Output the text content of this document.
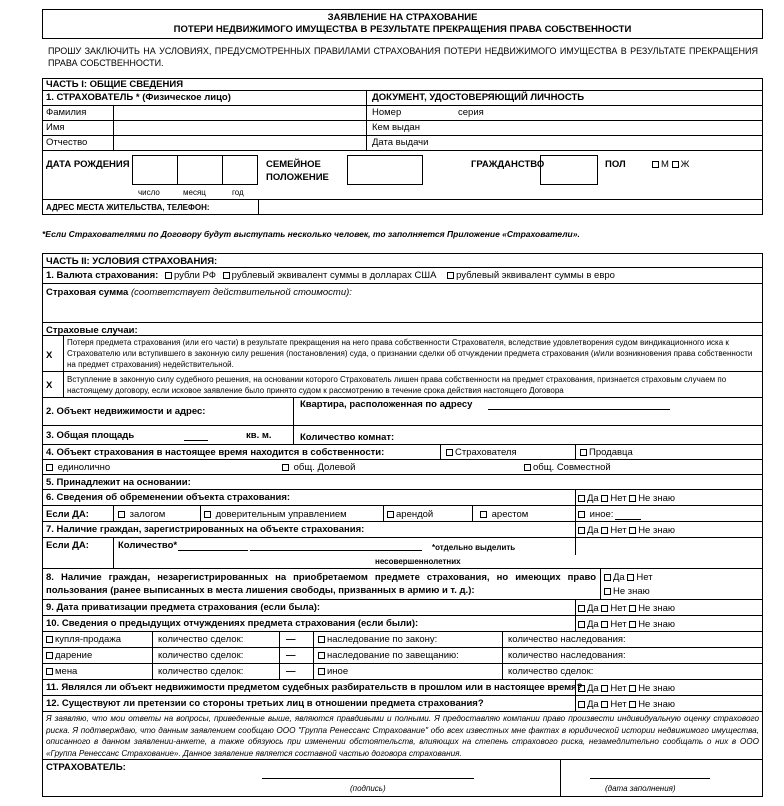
ЗАЯВЛЕНИЕ НА СТРАХОВАНИЕ
ПОТЕРИ НЕДВИЖИМОГО ИМУЩЕСТВА В РЕЗУЛЬТАТЕ ПРЕКРАЩЕНИЯ ПРАВА СОБСТВЕННОСТИ
ПРОШУ ЗАКЛЮЧИТЬ НА УСЛОВИЯХ, ПРЕДУСМОТРЕННЫХ ПРАВИЛАМИ СТРАХОВАНИЯ ПОТЕРИ НЕДВИЖИМОГО ИМУЩЕСТВА В РЕЗУЛЬТАТЕ ПРЕКРАЩЕНИЯ ПРАВА СОБСТВЕННОСТИ.
ЧАСТЬ I: ОБЩИЕ СВЕДЕНИЯ
1. СТРАХОВАТЕЛЬ * (Физическое лицо)	ДОКУМЕНТ, УДОСТОВЕРЯЮЩИЙ ЛИЧНОСТЬ
Фамилия	Номер	серия
Имя	Кем выдан
Отчество	Дата выдачи
ДАТА РОЖДЕНИЯ
число	месяц	год
СЕМЕЙНОЕ
ПОЛОЖЕНИЕ
ГРАЖДАНСТВО	ПОЛ	М Ж
АДРЕС МЕСТА ЖИТЕЛЬСТВА, ТЕЛЕФОН:
*Если Страхователями по Договору будут выступать несколько человек, то заполняется Приложение «Страхователи».
ЧАСТЬ II: УСЛОВИЯ СТРАХОВАНИЯ:
1. Валюта страхования: рубли РФ рублевый эквивалент суммы в долларах США рублевый эквивалент суммы в евро
Страховая сумма (соответствует действительной стоимости):
Страховые случаи:
X
Потеря предмета страхования (или его части) в результате прекращения на него права собственности Страхователя, вследствие удовлетворения судом виндикационного иска к Страхователю или вступившего в законную силу решения (постановления) суда, о признании сделки об отчуждении предмета страхования (и/или возникновения права собственности на предмет страхования) недействительной.
X
Вступление в законную силу судебного решения, на основании которого Страхователь лишен права собственности на предмет страхования, признается страховым случаем по настоящему договору, если исковое заявление было принято судом к рассмотрению в течение срока действия настоящего Договора
2. Объект недвижимости и адрес:
Квартира, расположенная по адресу
3. Общая площадь	кв. м.	Количество комнат:
4. Объект страхования в настоящее время находится в собственности:	Страхователя	Продавца
единолично	общ. Долевой	общ. Совместной
5. Принадлежит на основании:
6. Сведения об обременении объекта страхования:	Да Нет Не знаю
Если ДА:	залогом	доверительным управлением	арендой	арестом	иное:
7. Наличие граждан, зарегистрированных на объекте страхования:	Да Нет Не знаю
Если ДА:	Количество*	*отдельно выделить
несовершеннолетних
8. Наличие граждан, незарегистрированных на приобретаемом предмете страхования, но имеющих право пользования (ранее выписанных в места лишения свободы, призванных в армию и т. д.):
Да Нет
Не знаю
9. Дата приватизации предмета страхования (если была):	Да Нет Не знаю
10. Сведения о предыдущих отчуждениях предмета страхования (если были):	Да Нет Не знаю
купля-продажа	количество сделок:	—	наследование по закону:	количество наследования:
дарение	количество сделок:	—	наследование по завещанию:	количество наследования:
мена	количество сделок:	—	иное	количество сделок:
11. Являлся ли объект недвижимости предметом судебных разбирательств в прошлом или в настоящее время? Да Нет Не знаю
12. Существуют ли претензии со стороны третьих лиц в отношении предмета страхования?	Да Нет Не знаю
Я заявляю, что мои ответы на вопросы, приведенные выше, являются правдивыми и полными. Я предоставляю компании право произвести индивидуальную оценку страхового риска. Я подтверждаю, что данным заявлением сообщаю ООО "Группа Ренессанс Страхование" обо всех известных мне фактах в юридической истории недвижимого имущества, описанного в данном заявлении-анкете, а также обязуюсь при изменении обстоятельств, влияющих на степень страхового риска, незамедлительно сообщать о них в ООО «Группа Ренессанс Страхование». Данное заявление является составной частью договора страхования.
СТРАХОВАТЕЛЬ:
(подпись)	(дата заполнения)
